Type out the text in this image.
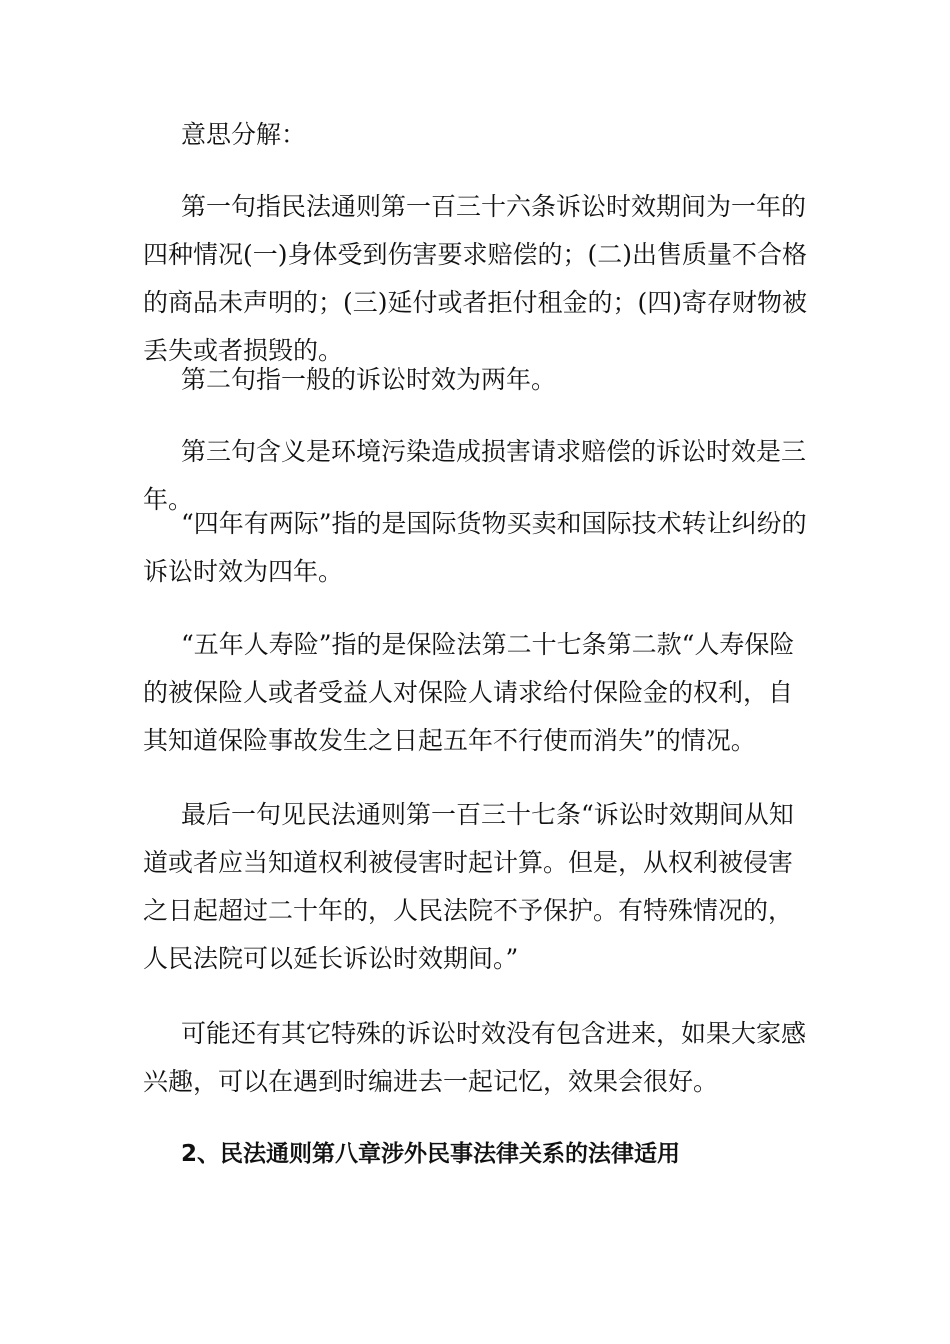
意思分解：

第一句指民法通则第一百三十六条诉讼时效期间为一年的四种情况(一)身体受到伤害要求赔偿的；(二)出售质量不合格的商品未声明的；(三)延付或者拒付租金的；(四)寄存财物被丢失或者损毁的。

第二句指一般的诉讼时效为两年。

第三句含义是环境污染造成损害请求赔偿的诉讼时效是三年。

“四年有两际”指的是国际货物买卖和国际技术转让纠纷的诉讼时效为四年。

“五年人寿险”指的是保险法第二十七条第二款“人寿保险的被保险人或者受益人对保险人请求给付保险金的权利，自其知道保险事故发生之日起五年不行使而消失”的情况。

最后一句见民法通则第一百三十七条“诉讼时效期间从知道或者应当知道权利被侵害时起计算。但是，从权利被侵害之日起超过二十年的，人民法院不予保护。有特殊情况的，人民法院可以延长诉讼时效期间。”

可能还有其它特殊的诉讼时效没有包含进来，如果大家感兴趣，可以在遇到时编进去一起记忆，效果会很好。

2、民法通则第八章涉外民事法律关系的法律适用
